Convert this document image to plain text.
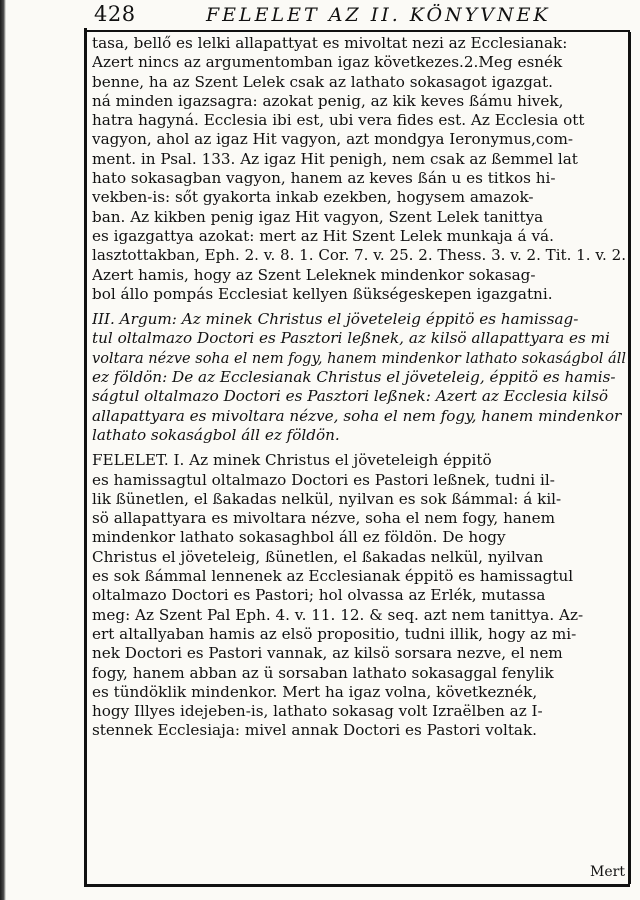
428	FELELET AZ II. KÖNYVNEK
tasa, bellő es lelki allapattyat es mivoltat nezi az Ecclesianak:
Azert nincs az argumentomban igaz következes.2.Meg esnék
benne, ha az Szent Lelek csak az lathato sokasagot igazgat.
ná minden igazsagra: azokat penig, az kik keves ßámu hivek,
hatra hagyná. Ecclesia ibi est, ubi vera fides est. Az Ecclesia ott
vagyon, ahol az igaz Hit vagyon, azt mondgya Ieronymus,com-
ment. in Psal. 133. Az igaz Hit penigh, nem csak az ßemmel lat
hato sokasagban vagyon, hanem az keves ßán u es titkos hi-
vekben-is: sőt gyakorta inkab ezekben, hogysem amazok-
ban. Az kikben penig igaz Hit vagyon, Szent Lelek tanittya
es igazgattya azokat: mert az Hit Szent Lelek munkaja á vá.
lasztottakban, Eph. 2. v. 8. 1. Cor. 7. v. 25. 2. Thess. 3. v. 2. Tit. 1. v. 2.
Azert hamis, hogy az Szent Leleknek mindenkor sokasag-
bol állo pompás Ecclesiat kellyen ßükségeskepen igazgatni.
III. Argum: Az minek Christus el jöveteleig éppitö es hamissag-
tul oltalmazo Doctori es Pasztori leßnek, az kilsö allapattyara es mi
voltara nézve soha el nem fogy, hanem mindenkor lathato sokaságbol áll
ez földön: De az Ecclesianak Christus el jöveteleig, éppitö es hamis-
ságtul oltalmazo Doctori es Pasztori leßnek: Azert az Ecclesia kilsö
allapattyara es mivoltara nézve, soha el nem fogy, hanem mindenkor
lathato sokaságbol áll ez földön.
FELELET. I. Az minek Christus el jöveteleigh éppitö
es hamissagtul oltalmazo Doctori es Pastori leßnek, tudni il-
lik ßünetlen, el ßakadas nelkül, nyilvan es sok ßámmal: á kil-
sö allapattyara es mivoltara nézve, soha el nem fogy, hanem
mindenkor lathato sokasaghbol áll ez földön. De hogy
Christus el jöveteleig, ßünetlen, el ßakadas nelkül, nyilvan
es sok ßámmal lennenek az Ecclesianak éppitö es hamissagtul
oltalmazo Doctori es Pastori; hol olvassa az Erlék, mutassa
meg: Az Szent Pal Eph. 4. v. 11. 12. & seq. azt nem tanittya. Az-
ert altallyaban hamis az elsö propositio, tudni illik, hogy az mi-
nek Doctori es Pastori vannak, az kilsö sorsara nezve, el nem
fogy, hanem abban az ü sorsaban lathato sokasaggal fenylik
es tündöklik mindenkor. Mert ha igaz volna, következnék,
hogy Illyes idejeben-is, lathato sokasag volt Izraëlben az I-
stennek Ecclesiaja: mivel annak Doctori es Pastori voltak.
Mert
